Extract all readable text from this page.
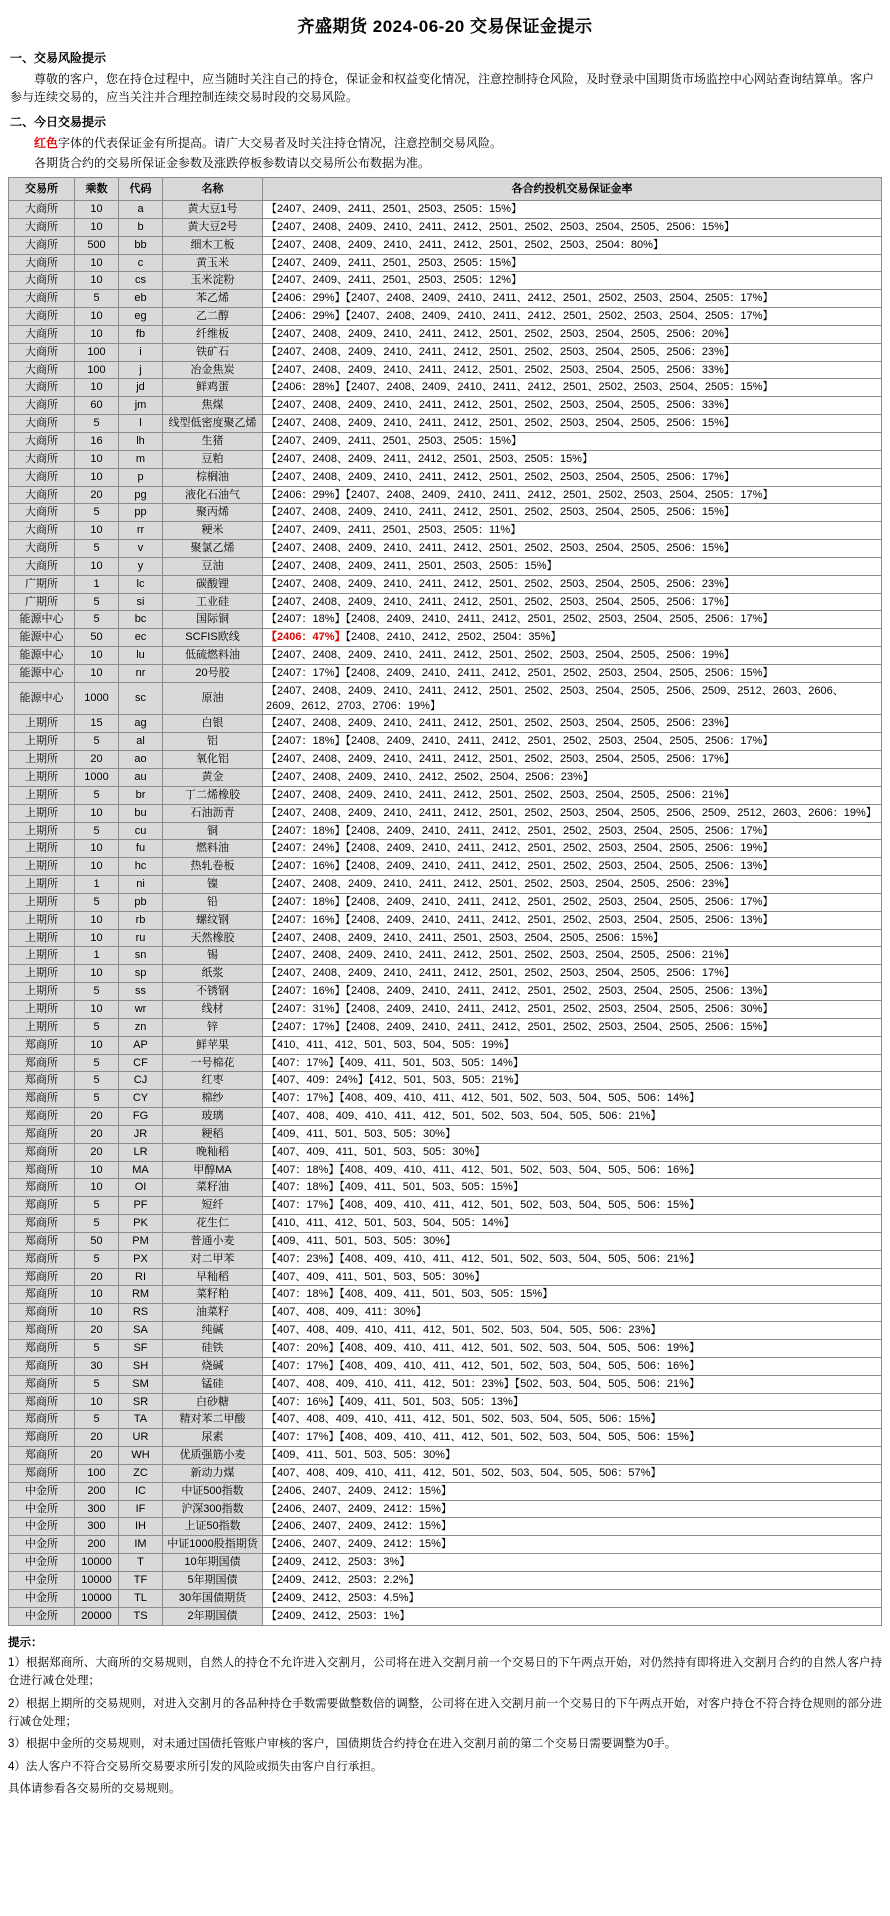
齐盛期货 2024-06-20 交易保证金提示
一、交易风险提示
尊敬的客户，您在持仓过程中，应当随时关注自己的持仓，保证金和权益变化情况，注意控制持仓风险，及时登录中国期货市场监控中心网站查询结算单。客户参与连续交易的，应当关注并合理控制连续交易时段的交易风险。
二、今日交易提示
红色字体的代表保证金有所提高。请广大交易者及时关注持仓情况，注意控制交易风险。
各期货合约的交易所保证金参数及涨跌停板参数请以交易所公布数据为准。
交易所	乘数	代码	名称	各合约投机交易保证金率
大商所	10	a	黄大豆1号	【2407、2409、2411、2501、2503、2505：15%】
大商所	10	b	黄大豆2号	【2407、2408、2409、2410、2411、2412、2501、2502、2503、2504、2505、2506：15%】
大商所	500	bb	细木工板	【2407、2408、2409、2410、2411、2412、2501、2502、2503、2504：80%】
大商所	10	c	黄玉米	【2407、2409、2411、2501、2503、2505：15%】
大商所	10	cs	玉米淀粉	【2407、2409、2411、2501、2503、2505：12%】
大商所	5	eb	苯乙烯	【2406：29%】【2407、2408、2409、2410、2411、2412、2501、2502、2503、2504、2505：17%】
大商所	10	eg	乙二醇	【2406：29%】【2407、2408、2409、2410、2411、2412、2501、2502、2503、2504、2505：17%】
大商所	10	fb	纤维板	【2407、2408、2409、2410、2411、2412、2501、2502、2503、2504、2505、2506：20%】
大商所	100	i	铁矿石	【2407、2408、2409、2410、2411、2412、2501、2502、2503、2504、2505、2506：23%】
大商所	100	j	冶金焦炭	【2407、2408、2409、2410、2411、2412、2501、2502、2503、2504、2505、2506：33%】
大商所	10	jd	鲜鸡蛋	【2406：28%】【2407、2408、2409、2410、2411、2412、2501、2502、2503、2504、2505：15%】
大商所	60	jm	焦煤	【2407、2408、2409、2410、2411、2412、2501、2502、2503、2504、2505、2506：33%】
大商所	5	l	线型低密度聚乙烯	【2407、2408、2409、2410、2411、2412、2501、2502、2503、2504、2505、2506：15%】
大商所	16	lh	生猪	【2407、2409、2411、2501、2503、2505：15%】
大商所	10	m	豆粕	【2407、2408、2409、2411、2412、2501、2503、2505：15%】
大商所	10	p	棕榈油	【2407、2408、2409、2410、2411、2412、2501、2502、2503、2504、2505、2506：17%】
大商所	20	pg	液化石油气	【2406：29%】【2407、2408、2409、2410、2411、2412、2501、2502、2503、2504、2505：17%】
大商所	5	pp	聚丙烯	【2407、2408、2409、2410、2411、2412、2501、2502、2503、2504、2505、2506：15%】
大商所	10	rr	粳米	【2407、2409、2411、2501、2503、2505：11%】
大商所	5	v	聚氯乙烯	【2407、2408、2409、2410、2411、2412、2501、2502、2503、2504、2505、2506：15%】
大商所	10	y	豆油	【2407、2408、2409、2411、2501、2503、2505：15%】
广期所	1	lc	碳酸锂	【2407、2408、2409、2410、2411、2412、2501、2502、2503、2504、2505、2506：23%】
广期所	5	si	工业硅	【2407、2408、2409、2410、2411、2412、2501、2502、2503、2504、2505、2506：17%】
能源中心	5	bc	国际铜	【2407：18%】【2408、2409、2410、2411、2412、2501、2502、2503、2504、2505、2506：17%】
能源中心	50	ec	SCFIS欧线	【2406：47%】【2408、2410、2412、2502、2504：35%】
能源中心	10	lu	低硫燃料油	【2407、2408、2409、2410、2411、2412、2501、2502、2503、2504、2505、2506：19%】
能源中心	10	nr	20号胶	【2407：17%】【2408、2409、2410、2411、2412、2501、2502、2503、2504、2505、2506：15%】
能源中心	1000	sc	原油	【2407、2408、2409、2410、2411、2412、2501、2502、2503、2504、2505、2506、2509、2512、2603、2606、2609、2612、2703、2706：19%】
上期所	15	ag	白银	【2407、2408、2409、2410、2411、2412、2501、2502、2503、2504、2505、2506：23%】
上期所	5	al	铝	【2407：18%】【2408、2409、2410、2411、2412、2501、2502、2503、2504、2505、2506：17%】
上期所	20	ao	氧化铝	【2407、2408、2409、2410、2411、2412、2501、2502、2503、2504、2505、2506：17%】
上期所	1000	au	黄金	【2407、2408、2409、2410、2412、2502、2504、2506：23%】
上期所	5	br	丁二烯橡胶	【2407、2408、2409、2410、2411、2412、2501、2502、2503、2504、2505、2506：21%】
上期所	10	bu	石油沥青	【2407、2408、2409、2410、2411、2412、2501、2502、2503、2504、2505、2506、2509、2512、2603、2606：19%】
上期所	5	cu	铜	【2407：18%】【2408、2409、2410、2411、2412、2501、2502、2503、2504、2505、2506：17%】
上期所	10	fu	燃料油	【2407：24%】【2408、2409、2410、2411、2412、2501、2502、2503、2504、2505、2506：19%】
上期所	10	hc	热轧卷板	【2407：16%】【2408、2409、2410、2411、2412、2501、2502、2503、2504、2505、2506：13%】
上期所	1	ni	镍	【2407、2408、2409、2410、2411、2412、2501、2502、2503、2504、2505、2506：23%】
上期所	5	pb	铅	【2407：18%】【2408、2409、2410、2411、2412、2501、2502、2503、2504、2505、2506：17%】
上期所	10	rb	螺纹钢	【2407：16%】【2408、2409、2410、2411、2412、2501、2502、2503、2504、2505、2506：13%】
上期所	10	ru	天然橡胶	【2407、2408、2409、2410、2411、2501、2503、2504、2505、2506：15%】
上期所	1	sn	锡	【2407、2408、2409、2410、2411、2412、2501、2502、2503、2504、2505、2506：21%】
上期所	10	sp	纸浆	【2407、2408、2409、2410、2411、2412、2501、2502、2503、2504、2505、2506：17%】
上期所	5	ss	不锈钢	【2407：16%】【2408、2409、2410、2411、2412、2501、2502、2503、2504、2505、2506：13%】
上期所	10	wr	线材	【2407：31%】【2408、2409、2410、2411、2412、2501、2502、2503、2504、2505、2506：30%】
上期所	5	zn	锌	【2407：17%】【2408、2409、2410、2411、2412、2501、2502、2503、2504、2505、2506：15%】
郑商所	10	AP	鲜苹果	【410、411、412、501、503、504、505：19%】
郑商所	5	CF	一号棉花	【407：17%】【409、411、501、503、505：14%】
郑商所	5	CJ	红枣	【407、409：24%】【412、501、503、505：21%】
郑商所	5	CY	棉纱	【407：17%】【408、409、410、411、412、501、502、503、504、505、506：14%】
郑商所	20	FG	玻璃	【407、408、409、410、411、412、501、502、503、504、505、506：21%】
郑商所	20	JR	粳稻	【409、411、501、503、505：30%】
郑商所	20	LR	晚籼稻	【407、409、411、501、503、505：30%】
郑商所	10	MA	甲醇MA	【407：18%】【408、409、410、411、412、501、502、503、504、505、506：16%】
郑商所	10	OI	菜籽油	【407：18%】【409、411、501、503、505：15%】
郑商所	5	PF	短纤	【407：17%】【408、409、410、411、412、501、502、503、504、505、506：15%】
郑商所	5	PK	花生仁	【410、411、412、501、503、504、505：14%】
郑商所	50	PM	普通小麦	【409、411、501、503、505：30%】
郑商所	5	PX	对二甲苯	【407：23%】【408、409、410、411、412、501、502、503、504、505、506：21%】
郑商所	20	RI	早籼稻	【407、409、411、501、503、505：30%】
郑商所	10	RM	菜籽粕	【407：18%】【408、409、411、501、503、505：15%】
郑商所	10	RS	油菜籽	【407、408、409、411：30%】
郑商所	20	SA	纯碱	【407、408、409、410、411、412、501、502、503、504、505、506：23%】
郑商所	5	SF	硅铁	【407：20%】【408、409、410、411、412、501、502、503、504、505、506：19%】
郑商所	30	SH	烧碱	【407：17%】【408、409、410、411、412、501、502、503、504、505、506：16%】
郑商所	5	SM	锰硅	【407、408、409、410、411、412、501：23%】【502、503、504、505、506：21%】
郑商所	10	SR	白砂糖	【407：16%】【409、411、501、503、505：13%】
郑商所	5	TA	精对苯二甲酸	【407、408、409、410、411、412、501、502、503、504、505、506：15%】
郑商所	20	UR	尿素	【407：17%】【408、409、410、411、412、501、502、503、504、505、506：15%】
郑商所	20	WH	优质强筋小麦	【409、411、501、503、505：30%】
郑商所	100	ZC	新动力煤	【407、408、409、410、411、412、501、502、503、504、505、506：57%】
中金所	200	IC	中证500指数	【2406、2407、2409、2412：15%】
中金所	300	IF	沪深300指数	【2406、2407、2409、2412：15%】
中金所	300	IH	上证50指数	【2406、2407、2409、2412：15%】
中金所	200	IM	中证1000股指期货	【2406、2407、2409、2412：15%】
中金所	10000	T	10年期国债	【2409、2412、2503：3%】
中金所	10000	TF	5年期国债	【2409、2412、2503：2.2%】
中金所	10000	TL	30年国债期货	【2409、2412、2503：4.5%】
中金所	20000	TS	2年期国债	【2409、2412、2503：1%】
提示：

1）根据郑商所、大商所的交易规则，自然人的持仓不允许进入交割月，公司将在进入交割月前一个交易日的下午两点开始，对仍然持有即将进入交割月合约的自然人客户持仓进行减仓处理；

2）根据上期所的交易规则，对进入交割月的各品种持仓手数需要做整数倍的调整，公司将在进入交割月前一个交易日的下午两点开始，对客户持仓不符合持仓规则的部分进行减仓处理；

3）根据中金所的交易规则，对未通过国债托管账户审核的客户，国债期货合约持仓在进入交割月前的第二个交易日需要调整为0手。

4）法人客户不符合交易所交易要求所引发的风险或损失由客户自行承担。

具体请参看各交易所的交易规则。
